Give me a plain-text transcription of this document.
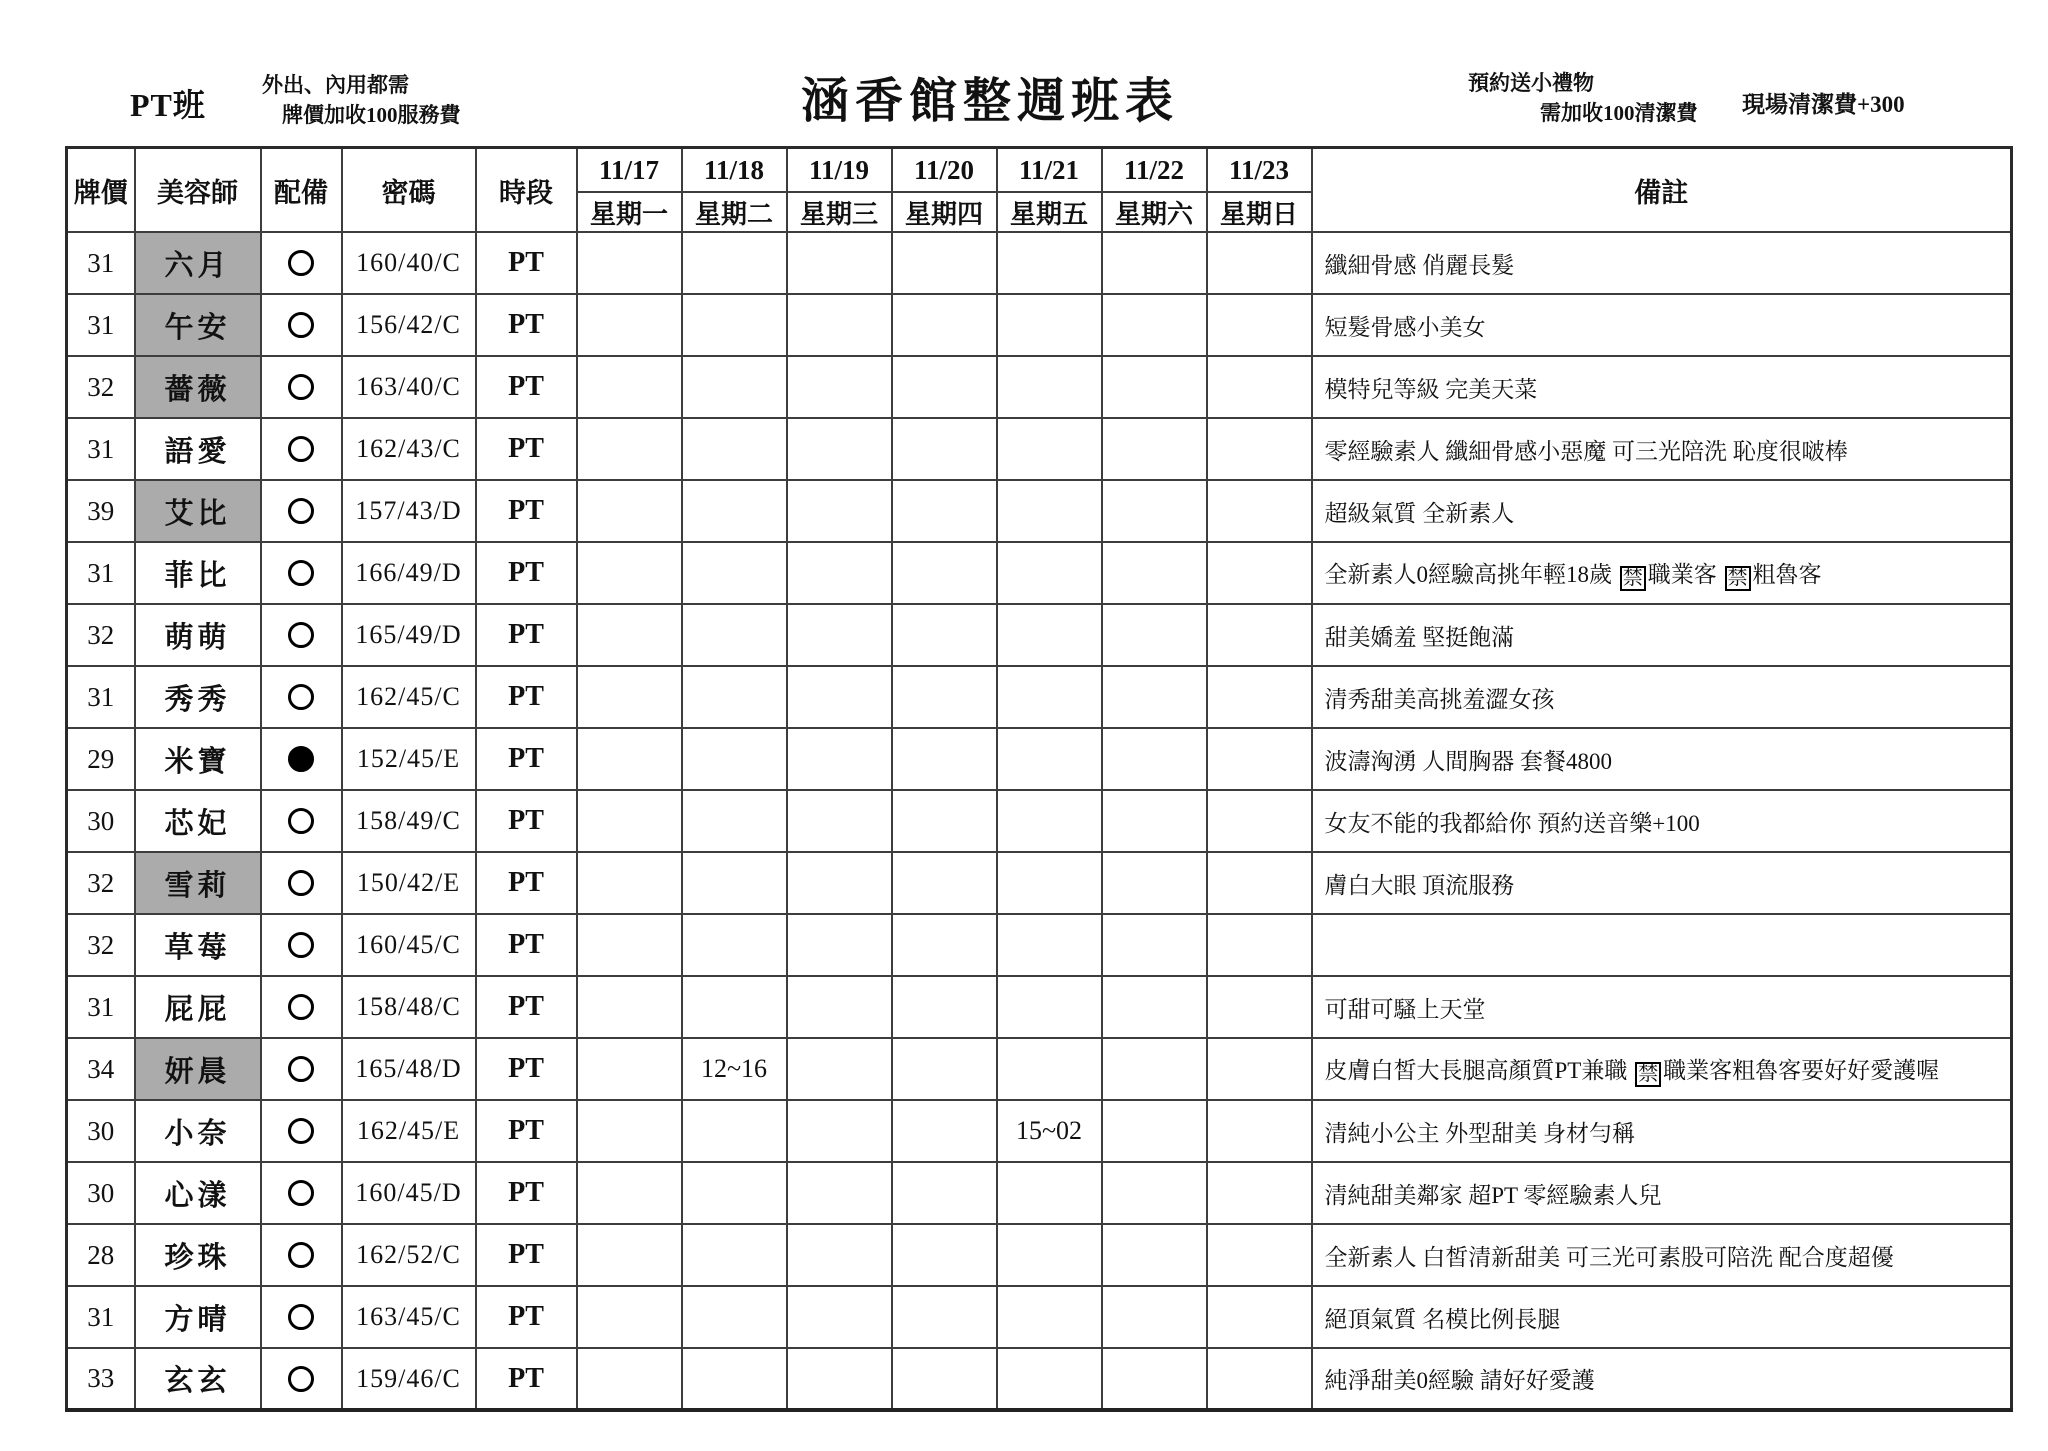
PT班
外出、內用都需
牌價加收100服務費	涵香館整週班表	預約送小禮物
需加收100清潔費 現場清潔費+300
牌價	美容師	配備	密碼	時段	11/17	11/18	11/19	11/20	11/21	11/22	11/23	備註
					星期一	星期二	星期三	星期四	星期五	星期六	星期日	
31	六月		160/40/C	PT								纖細骨感 俏麗長髮
31	午安		156/42/C	PT								短髮骨感小美女
32	薔薇		163/40/C	PT								模特兒等級 完美天菜
31	語愛		162/43/C	PT								零經驗素人 纖細骨感小惡魔 可三光陪洗 恥度很啵棒
39	艾比		157/43/D	PT								超級氣質 全新素人
31	菲比		166/49/D	PT								全新素人0經驗高挑年輕18歲 禁 職業客 禁 粗魯客
32	萌萌		165/49/D	PT								甜美嬌羞 堅挺飽滿
31	秀秀		162/45/C	PT								清秀甜美高挑羞澀女孩
29	米寶		152/45/E	PT								波濤洶湧 人間胸器 套餐4800
30	芯妃		158/49/C	PT								女友不能的我都給你 預約送音樂+100
32	雪莉		150/42/E	PT								膚白大眼 頂流服務
32	草莓		160/45/C	PT								
31	屁屁		158/48/C	PT								可甜可騷上天堂
34	妍晨		165/48/D	PT		12~16						皮膚白皙大長腿高顏質PT兼職 禁 職業客粗魯客要好好愛護喔
30	小奈		162/45/E	PT					15~02			清純小公主 外型甜美 身材勻稱
30	心漾		160/45/D	PT								清純甜美鄰家 超PT 零經驗素人兒
28	珍珠		162/52/C	PT								全新素人 白皙清新甜美 可三光可素股可陪洗 配合度超優
31	方晴		163/45/C	PT								絕頂氣質 名模比例長腿
33	玄玄		159/46/C	PT								純淨甜美0經驗 請好好愛護
